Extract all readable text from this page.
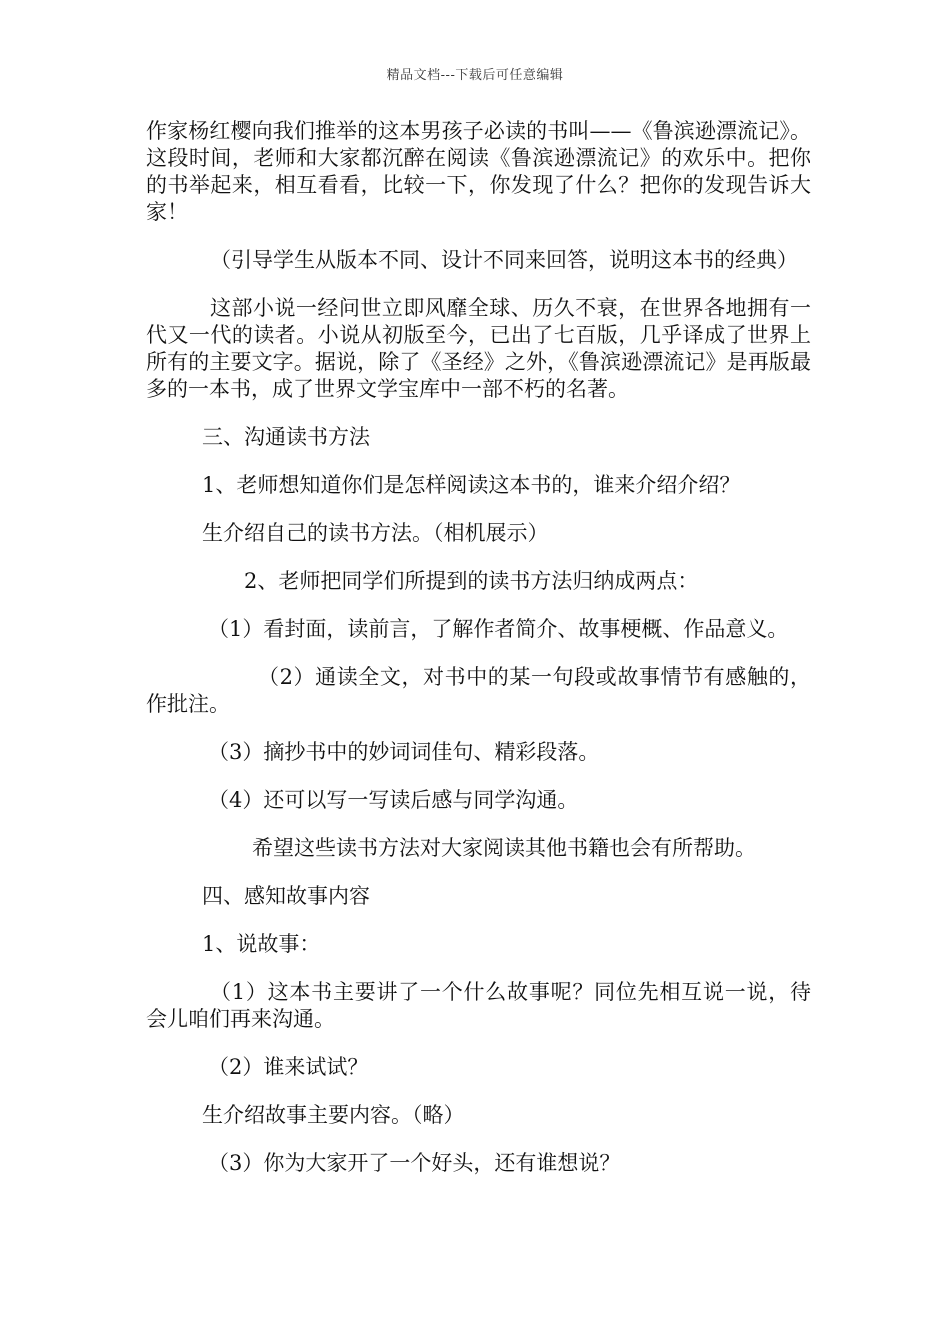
精品文档---下载后可任意编辑

作家杨红樱向我们推举的这本男孩子必读的书叫——《鲁滨逊漂流记》。这段时间，老师和大家都沉醉在阅读《鲁滨逊漂流记》的欢乐中。把你的书举起来，相互看看，比较一下，你发现了什么？把你的发现告诉大家！

（引导学生从版本不同、设计不同来回答，说明这本书的经典）

这部小说一经问世立即风靡全球、历久不衰，在世界各地拥有一代又一代的读者。小说从初版至今，已出了七百版，几乎译成了世界上所有的主要文字。据说，除了《圣经》之外，《鲁滨逊漂流记》是再版最多的一本书，成了世界文学宝库中一部不朽的名著。

三、沟通读书方法

1、老师想知道你们是怎样阅读这本书的，谁来介绍介绍？

生介绍自己的读书方法。（相机展示）

2、老师把同学们所提到的读书方法归纳成两点：

（1）看封面，读前言，了解作者简介、故事梗概、作品意义。

（2）通读全文，对书中的某一句段或故事情节有感触的，作批注。

（3）摘抄书中的妙词词佳句、精彩段落。

（4）还可以写一写读后感与同学沟通。

希望这些读书方法对大家阅读其他书籍也会有所帮助。

四、感知故事内容

1、说故事：

（1）这本书主要讲了一个什么故事呢？同位先相互说一说，待会儿咱们再来沟通。

（2）谁来试试？

生介绍故事主要内容。（略）

（3）你为大家开了一个好头，还有谁想说？
